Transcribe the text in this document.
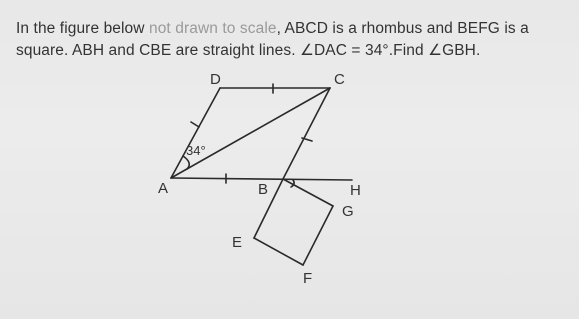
In the figure below not drawn to scale, ABCD is a rhombus and BEFG is a square. ABH and CBE are straight lines. ∠DAC = 34°.Find ∠GBH.
D	C
A	B	H
G
E
F
34°
